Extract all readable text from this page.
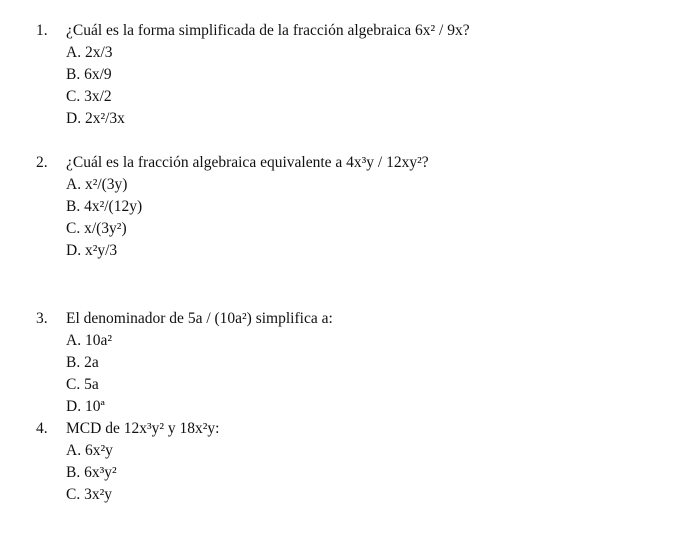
1. ¿Cuál es la forma simplificada de la fracción algebraica 6x² / 9x?
A. 2x/3
B. 6x/9
C. 3x/2
D. 2x²/3x
2. ¿Cuál es la fracción algebraica equivalente a 4x³y / 12xy²?
A. x²/(3y)
B. 4x²/(12y)
C. x/(3y²)
D. x²y/3
3. El denominador de 5a / (10a²) simplifica a:
A. 10a²
B. 2a
C. 5a
D. 10ª
4. MCD de 12x³y² y 18x²y:
A. 6x²y
B. 6x³y²
C. 3x²y
